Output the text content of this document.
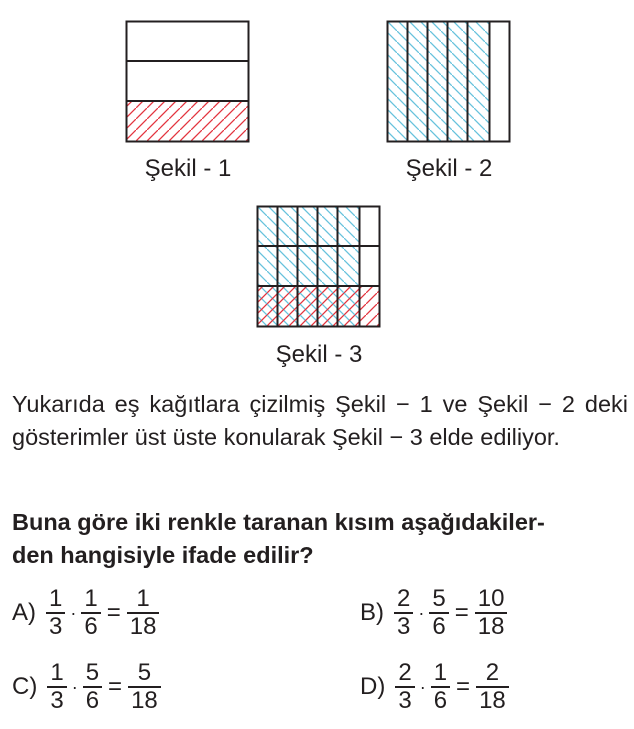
Şekil - 1	Şekil - 2
Şekil - 3
Yukarıda eş kağıtlara çizilmiş Şekil − 1 ve Şekil − 2 deki gösterimler üst üste konularak Şekil − 3 elde ediliyor.
Buna göre iki renkle taranan kısım aşağıdakiler-
den hangisiyle ifade edilir?
$A) \frac{1}{3} \cdot \frac{1}{6} = \frac{1}{18}$	$B) \frac{2}{3} \cdot \frac{5}{6} = \frac{10}{18}$
$C) \frac{1}{3} \cdot \frac{5}{6} = \frac{5}{18}$	$D) \frac{2}{3} \cdot \frac{1}{6} = \frac{2}{18}$
